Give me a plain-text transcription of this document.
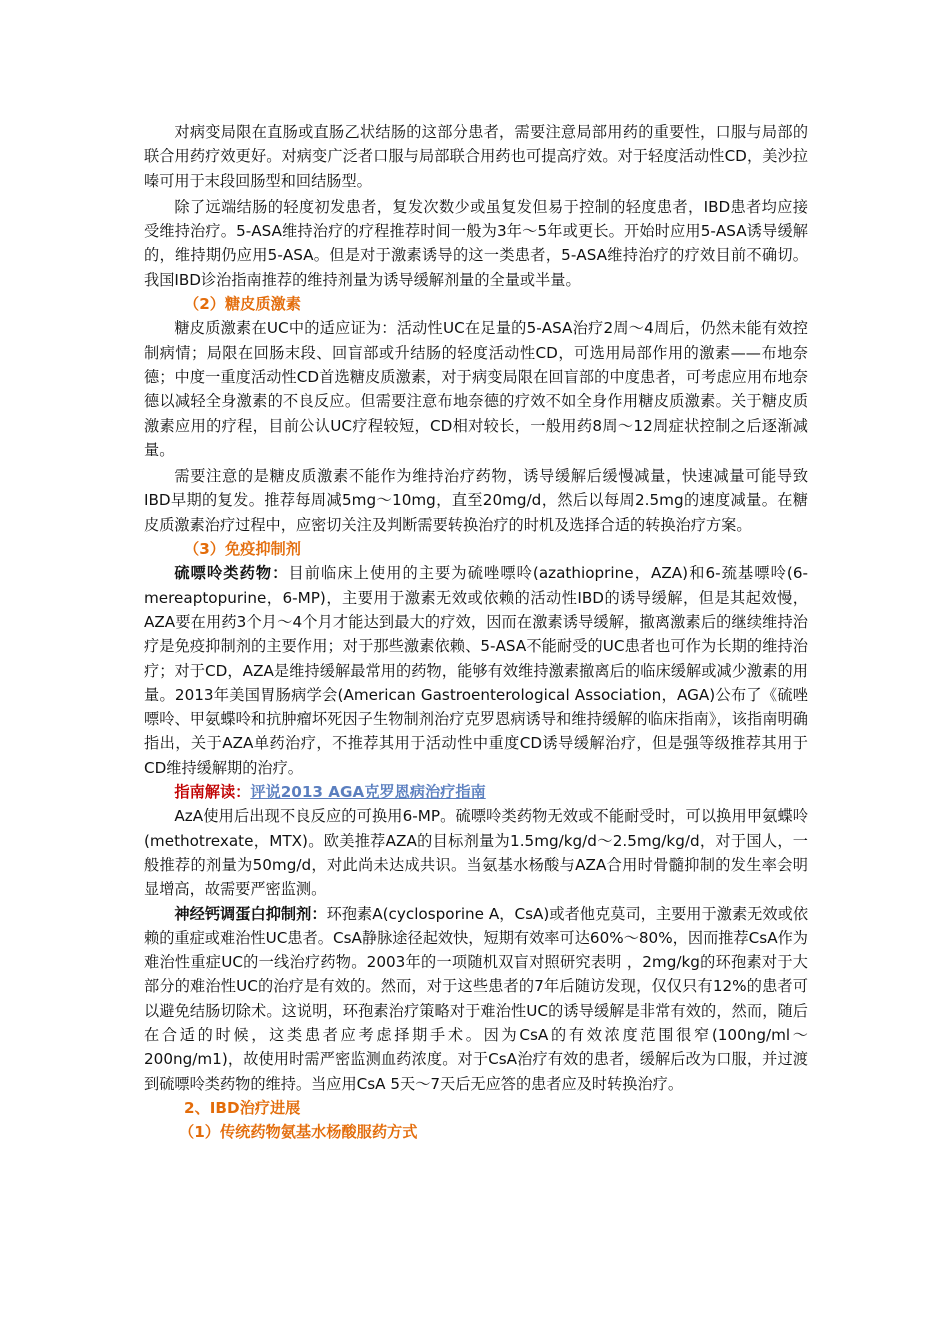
对病变局限在直肠或直肠乙状结肠的这部分患者，需要注意局部用药的重要性，口服与局部的联合用药疗效更好。对病变广泛者口服与局部联合用药也可提高疗效。对于轻度活动性CD，美沙拉嗪可用于末段回肠型和回结肠型。

除了远端结肠的轻度初发患者，复发次数少或虽复发但易于控制的轻度患者，IBD患者均应接受维持治疗。5-ASA维持治疗的疗程推荐时间一般为3年～5年或更长。开始时应用5-ASA诱导缓解的，维持期仍应用5-ASA。但是对于激素诱导的这一类患者，5-ASA维持治疗的疗效目前不确切。我国IBD诊治指南推荐的维持剂量为诱导缓解剂量的全量或半量。

（2）糖皮质激素

糖皮质激素在UC中的适应证为：活动性UC在足量的5-ASA治疗2周～4周后，仍然未能有效控制病情；局限在回肠末段、回盲部或升结肠的轻度活动性CD，可选用局部作用的激素——布地奈德；中度一重度活动性CD首选糖皮质激素，对于病变局限在回盲部的中度患者，可考虑应用布地奈德以减轻全身激素的不良反应。但需要注意布地奈德的疗效不如全身作用糖皮质激素。关于糖皮质激素应用的疗程，目前公认UC疗程较短，CD相对较长，一般用药8周～12周症状控制之后逐渐减量。

需要注意的是糖皮质激素不能作为维持治疗药物，诱导缓解后缓慢减量，快速减量可能导致IBD早期的复发。推荐每周减5mg～10mg，直至20mg/d，然后以每周2.5mg的速度减量。在糖皮质激素治疗过程中，应密切关注及判断需要转换治疗的时机及选择合适的转换治疗方案。

（3）免疫抑制剂

硫嘌呤类药物：目前临床上使用的主要为硫唑嘌呤(azathioprine，AZA)和6-巯基嘌呤(6-mereaptopurine，6-MP)，主要用于激素无效或依赖的活动性IBD的诱导缓解，但是其起效慢，AZA要在用药3个月～4个月才能达到最大的疗效，因而在激素诱导缓解，撤离激素后的继续维持治疗是免疫抑制剂的主要作用；对于那些激素依赖、5-ASA不能耐受的UC患者也可作为长期的维持治疗；对于CD，AZA是维持缓解最常用的药物，能够有效维持激素撤离后的临床缓解或减少激素的用量。2013年美国胃肠病学会(American Gastroenterological Association，AGA)公布了《硫唑嘌呤、甲氨蝶呤和抗肿瘤坏死因子生物制剂治疗克罗恩病诱导和维持缓解的临床指南》，该指南明确指出，关于AZA单药治疗，不推荐其用于活动性中重度CD诱导缓解治疗，但是强等级推荐其用于CD维持缓解期的治疗。

指南解读：评说2013 AGA克罗恩病治疗指南

AzA使用后出现不良反应的可换用6-MP。硫嘌呤类药物无效或不能耐受时，可以换用甲氨蝶呤(methotrexate，MTX)。欧美推荐AZA的目标剂量为1.5mg/kg/d～2.5mg/kg/d，对于国人，一般推荐的剂量为50mg/d，对此尚未达成共识。当氨基水杨酸与AZA合用时骨髓抑制的发生率会明显增高，故需要严密监测。

神经钙调蛋白抑制剂：环孢素A(cyclosporine A，CsA)或者他克莫司，主要用于激素无效或依赖的重症或难治性UC患者。CsA静脉途径起效快，短期有效率可达60%～80%，因而推荐CsA作为难治性重症UC的一线治疗药物。2003年的一项随机双盲对照研究表明 ，2mg/kg的环孢素对于大部分的难治性UC的治疗是有效的。然而，对于这些患者的7年后随访发现，仅仅只有12%的患者可以避免结肠切除术。这说明，环孢素治疗策略对于难治性UC的诱导缓解是非常有效的，然而，随后在合适的时候，这类患者应考虑择期手术。因为CsA的有效浓度范围很窄(100ng/ml～200ng/m1)，故使用时需严密监测血药浓度。对于CsA治疗有效的患者，缓解后改为口服，并过渡到硫嘌呤类药物的维持。当应用CsA 5天～7天后无应答的患者应及时转换治疗。

2、IBD治疗进展

（1）传统药物氨基水杨酸服药方式
